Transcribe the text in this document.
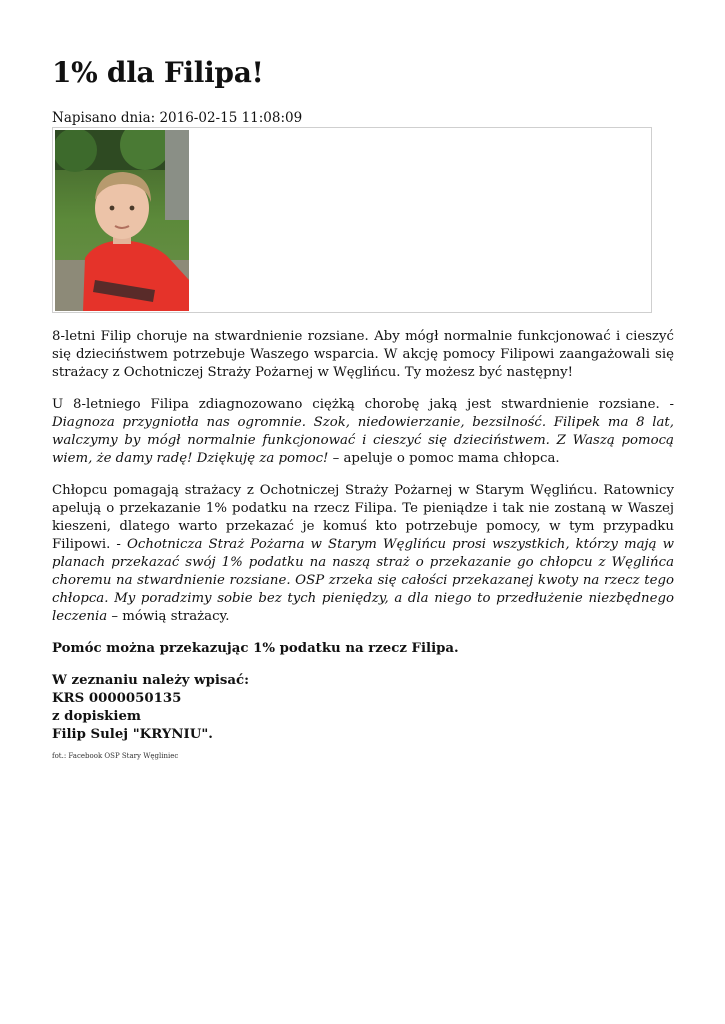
1% dla Filipa!
Napisano dnia: 2016-02-15 11:08:09

8-letni Filip choruje na stwardnienie rozsiane. Aby mógł normalnie funkcjonować i cieszyć się dzieciństwem potrzebuje Waszego wsparcia. W akcję pomocy Filipowi zaangażowali się strażacy z Ochotniczej Straży Pożarnej w Węglińcu. Ty możesz być następny!

U 8-letniego Filipa zdiagnozowano ciężką chorobę jaką jest stwardnienie rozsiane. - Diagnoza przygniotła nas ogromnie. Szok, niedowierzanie, bezsilność. Filipek ma 8 lat, walczymy by mógł normalnie funkcjonować i cieszyć się dzieciństwem. Z Waszą pomocą wiem, że damy radę! Dziękuję za pomoc! – apeluje o pomoc mama chłopca.

Chłopcu pomagają strażacy z Ochotniczej Straży Pożarnej w Starym Węglińcu. Ratownicy apelują o przekazanie 1% podatku na rzecz Filipa. Te pieniądze i tak nie zostaną w Waszej kieszeni, dlatego warto przekazać je komuś kto potrzebuje pomocy, w tym przypadku Filipowi. - Ochotnicza Straż Pożarna w Starym Węglińcu prosi wszystkich, którzy mają w planach przekazać swój 1% podatku na naszą straż o przekazanie go chłopcu z Węglińca choremu na stwardnienie rozsiane. OSP zrzeka się całości przekazanej kwoty na rzecz tego chłopca. My poradzimy sobie bez tych pieniędzy, a dla niego to przedłużenie niezbędnego leczenia – mówią strażacy.

Pomóc można przekazując 1% podatku na rzecz Filipa.

W zeznaniu należy wpisać:
KRS 0000050135
z dopiskiem
Filip Sulej "KRYNIU".
fot.: Facebook OSP Stary Węgliniec
